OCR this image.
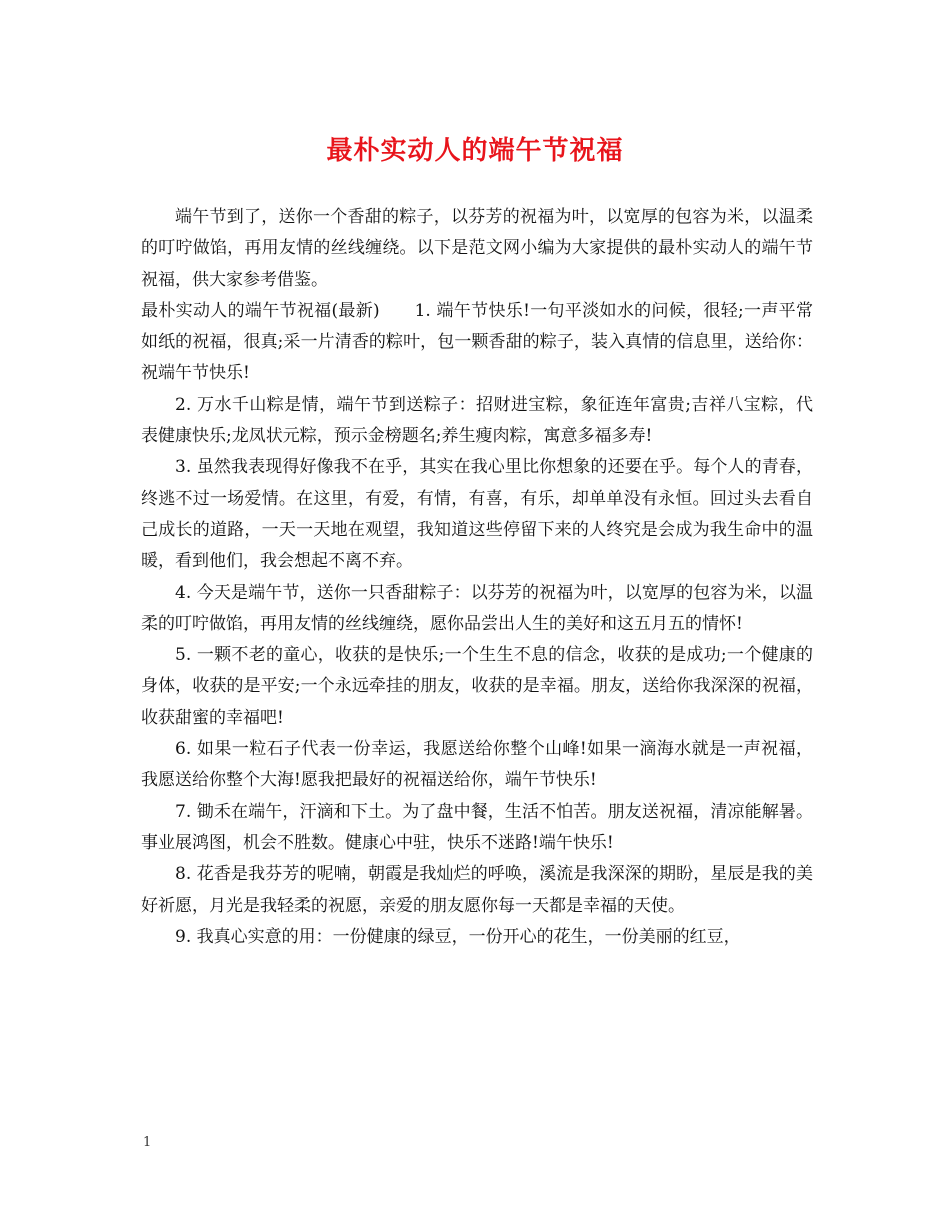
最朴实动人的端午节祝福

端午节到了，送你一个香甜的粽子，以芬芳的祝福为叶，以宽厚的包容为米，以温柔的叮咛做馅，再用友情的丝线缠绕。以下是范文网小编为大家提供的最朴实动人的端午节祝福，供大家参考借鉴。

最朴实动人的端午节祝福(最新)　　1. 端午节快乐!一句平淡如水的问候，很轻;一声平常如纸的祝福，很真;采一片清香的粽叶，包一颗香甜的粽子，装入真情的信息里，送给你：祝端午节快乐!

2. 万水千山粽是情，端午节到送粽子：招财进宝粽，象征连年富贵;吉祥八宝粽，代表健康快乐;龙凤状元粽，预示金榜题名;养生瘦肉粽，寓意多福多寿!

3. 虽然我表现得好像我不在乎，其实在我心里比你想象的还要在乎。每个人的青春，终逃不过一场爱情。在这里，有爱，有情，有喜，有乐，却单单没有永恒。回过头去看自己成长的道路，一天一天地在观望，我知道这些停留下来的人终究是会成为我生命中的温暖，看到他们，我会想起不离不弃。

4. 今天是端午节，送你一只香甜粽子：以芬芳的祝福为叶，以宽厚的包容为米，以温柔的叮咛做馅，再用友情的丝线缠绕，愿你品尝出人生的美好和这五月五的情怀!

5. 一颗不老的童心，收获的是快乐;一个生生不息的信念，收获的是成功;一个健康的身体，收获的是平安;一个永远牵挂的朋友，收获的是幸福。朋友，送给你我深深的祝福，收获甜蜜的幸福吧!

6. 如果一粒石子代表一份幸运，我愿送给你整个山峰!如果一滴海水就是一声祝福，我愿送给你整个大海!愿我把最好的祝福送给你，端午节快乐!

7. 锄禾在端午，汗滴和下土。为了盘中餐，生活不怕苦。朋友送祝福，清凉能解暑。事业展鸿图，机会不胜数。健康心中驻，快乐不迷路!端午快乐!

8. 花香是我芬芳的呢喃，朝霞是我灿烂的呼唤，溪流是我深深的期盼，星辰是我的美好祈愿，月光是我轻柔的祝愿，亲爱的朋友愿你每一天都是幸福的天使。

9. 我真心实意的用：一份健康的绿豆，一份开心的花生，一份美丽的红豆，

1
